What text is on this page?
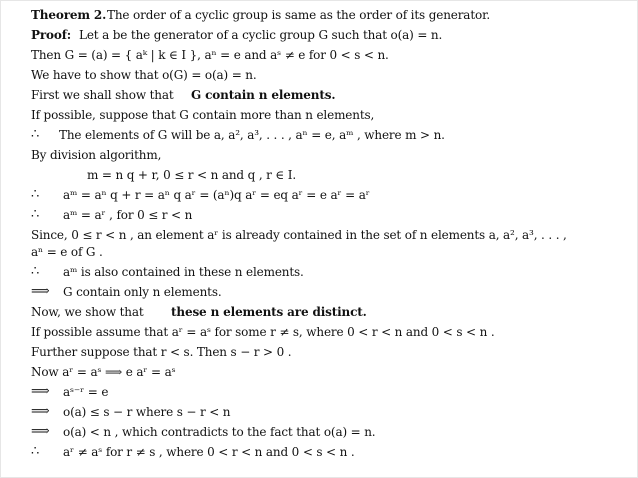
Theorem 2. The order of a cyclic group is same as the order of its generator.
Proof: Let a be the generator of a cyclic group G such that o(a) = n.
Then G = (a) = { aᵏ | k ∈ I }, aⁿ = e and aˢ ≠ e for 0 < s < n.
We have to show that o(G) = o(a) = n.
First we shall show that G contain n elements.
If possible, suppose that G contain more than n elements,
∴ The elements of G will be a, a², a³, . . . , aⁿ = e, aᵐ , where m > n.
By division algorithm,
m = n q + r, 0 ≤ r < n and q , r ∈ I.
∴ aᵐ = aⁿ q + r = aⁿ q aʳ = (aⁿ)q aʳ = eq aʳ = e aʳ = aʳ
∴ aᵐ = aʳ , for 0 ≤ r < n
Since, 0 ≤ r < n , an element aʳ is already contained in the set of n elements a, a², a³, . . . ,
aⁿ = e of G .
∴ aᵐ is also contained in these n elements.
⟹ G contain only n elements.
Now, we show that these n elements are distinct.
If possible assume that aʳ = aˢ for some r ≠ s, where 0 < r < n and 0 < s < n .
Further suppose that r < s. Then s − r > 0 .
Now aʳ = aˢ ⟹ e aʳ = aˢ
⟹ aˢ⁻ʳ = e
⟹ o(a) ≤ s − r where s − r < n
⟹ o(a) < n , which contradicts to the fact that o(a) = n.
∴ aʳ ≠ aˢ for r ≠ s , where 0 < r < n and 0 < s < n .
